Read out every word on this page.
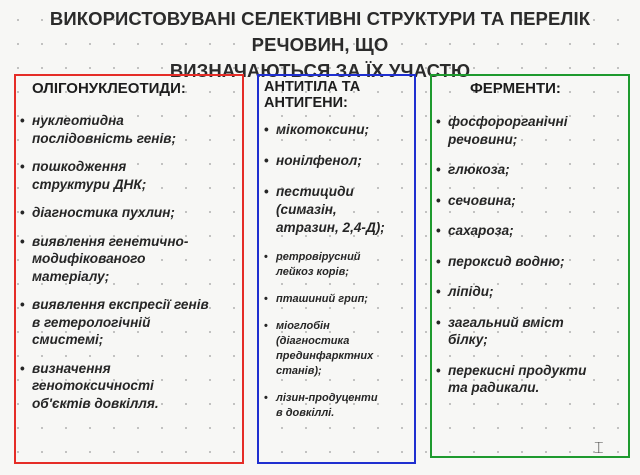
ВИКОРИСТОВУВАНІ СЕЛЕКТИВНІ СТРУКТУРИ ТА ПЕРЕЛІК РЕЧОВИН, ЩО
ВИЗНАЧАЮТЬСЯ ЗА ЇХ УЧАСТЮ
ОЛІГОНУКЛЕОТИДИ:	АНТИТІЛА ТА АНТИГЕНИ:
ФЕРМЕНТИ:
• нуклеотидна
послідовність генів;
• пошкодження
структури ДНК;
• діагностика пухлин;
• виявлення генетично-
модифікованого
матеріалу;
• виявлення експресії генів
в гетерологічній
смистемі;
• визначення
генотоксичності
об'єктів довкілля.
• мікотоксини;
• нонілфенол;
• пестициди
(симазін,
атразин, 2,4-Д);
• ретровірусний
лейкоз корів;
• пташиний грип;
• міоглобін
(діагностика
прединфарктних
станів);
• лізин-продуценти
в довкіллі.
• фосфорорганічні
речовини;
• глюкоза;
• сечовина;
• сахароза;
• пероксид водню;
• ліпіди;
• загальний вміст
білку;
• перекисні продукти
та радикали.
⌶
